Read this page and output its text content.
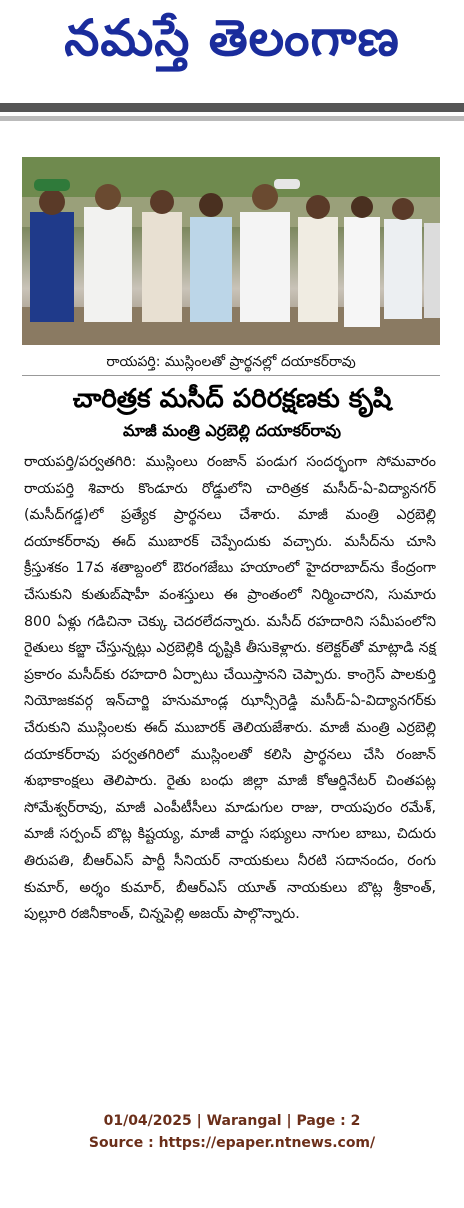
నమస్తే తెలంగాణ
రాయపర్తి: ముస్లింలతో ప్రార్థనల్లో దయాకర్‌రావు
చారిత్రక మసీద్ పరిరక్షణకు కృషి
మాజీ మంత్రి ఎర్రబెల్లి దయాకర్‌రావు

రాయపర్తి/పర్వతగిరి: ముస్లింలు రంజాన్ పండుగ సందర్భంగా సోమవారం రాయపర్తి శివారు కొండూరు రోడ్డులోని చారిత్రక మసీద్-ఏ-విద్యానగర్ (మసీద్‌గడ్డ)లో ప్రత్యేక ప్రార్థనలు చేశారు. మాజీ మంత్రి ఎర్రబెల్లి దయాకర్‌రావు ఈద్ ముబారక్ చెప్పేందుకు వచ్చారు. మసీద్‌ను చూసి క్రీస్తుశకం 17వ శతాబ్దంలో ఔరంగజేబు హయాంలో హైదరాబాద్‌ను కేంద్రంగా చేసుకుని కుతుబ్‌షాహీ వంశస్తులు ఈ ప్రాంతంలో నిర్మించారని, సుమారు 800 ఏళ్లు గడిచినా చెక్కు చెదరలేదన్నారు. మసీద్ రహదారిని సమీపంలోని రైతులు కబ్జా చేస్తున్నట్లు ఎర్రబెల్లికి దృష్టికి తీసుకెళ్లారు. కలెక్టర్‌తో మాట్లాడి నక్ష ప్రకారం మసీద్‌కు రహదారి ఏర్పాటు చేయిస్తానని చెప్పారు. కాంగ్రెస్ పాలకుర్తి నియోజకవర్గ ఇన్‌చార్జి హనుమాండ్ల ఝాన్సీరెడ్డి మసీద్-ఏ-విద్యానగర్‌కు చేరుకుని ముస్లింలకు ఈద్ ముబారక్ తెలియజేశారు. మాజీ మంత్రి ఎర్రబెల్లి దయాకర్‌రావు పర్వతగిరిలో ముస్లింలతో కలిసి ప్రార్థనలు చేసి రంజాన్ శుభాకాంక్షలు తెలిపారు. రైతు బంధు జిల్లా మాజీ కోఆర్డినేటర్ చింతపట్ల సోమేశ్వర్‌రావు, మాజీ ఎంపీటీసీలు మాడుగుల రాజు, రాయపురం రమేశ్, మాజీ సర్పంచ్ బొట్ల కిష్టయ్య, మాజీ వార్డు సభ్యులు నాగుల బాబు, చిదురు తిరుపతి, బీఆర్‌ఎస్ పార్టీ సీనియర్ నాయకులు నీరటి సదానందం, రంగు కుమార్, అర్శం కుమార్, బీఆర్‌ఎస్ యూత్ నాయకులు బొట్ల శ్రీకాంత్, పుల్లూరి రజినీకాంత్, చిన్నపెల్లి అజయ్ పాల్గొన్నారు.

01/04/2025 | Warangal | Page : 2
Source : https://epaper.ntnews.com/
